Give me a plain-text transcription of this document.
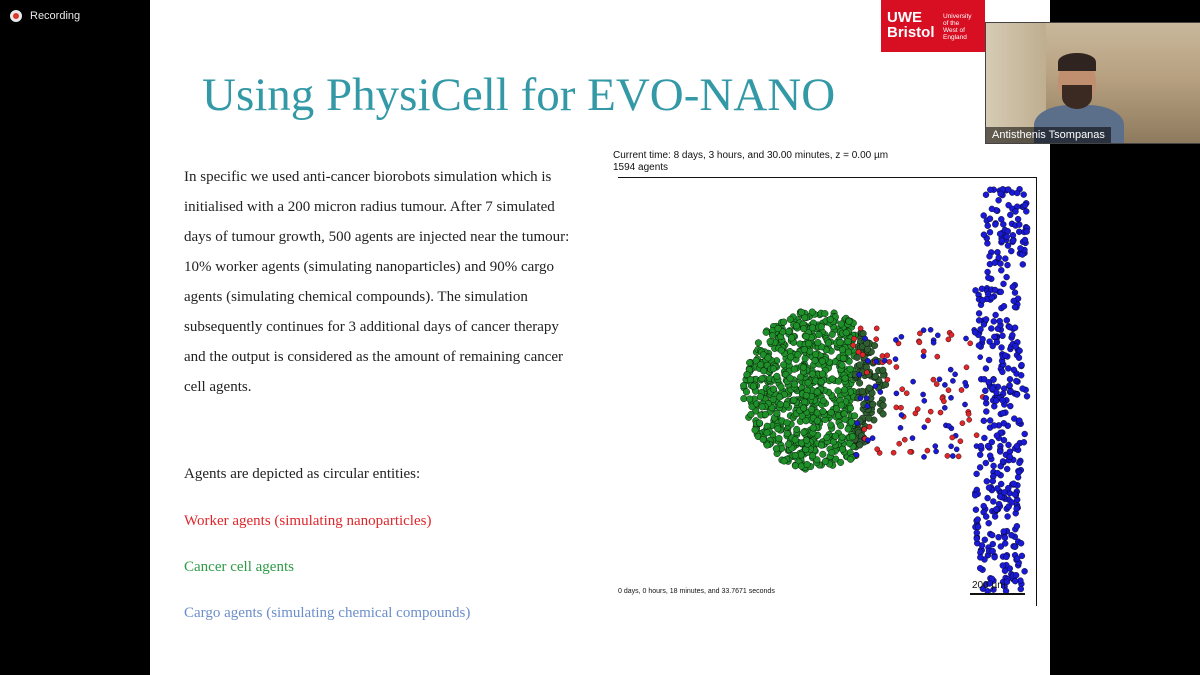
Recording	UWE
Bristol
University
of the
West of
England
Using PhysiCell for EVO-NANO
In specific we used anti-cancer biorobots simulation which is initialised with a 200 micron radius tumour. After 7 simulated days of tumour growth, 500 agents are injected near the tumour: 10% worker agents (simulating nanoparticles) and 90% cargo agents (simulating chemical compounds). The simulation subsequently continues for 3 additional days of cancer therapy and the output is considered as the amount of remaining cancer cell agents.
Agents are depicted as circular entities:
Worker agents (simulating nanoparticles)
Cancer cell agents
Cargo agents (simulating chemical compounds)
Current time: 8 days, 3 hours, and 30.00 minutes, z = 0.00 µm
1594 agents
0 days, 0 hours, 18 minutes, and 33.7671 seconds
200 µm
Antisthenis Tsompanas
